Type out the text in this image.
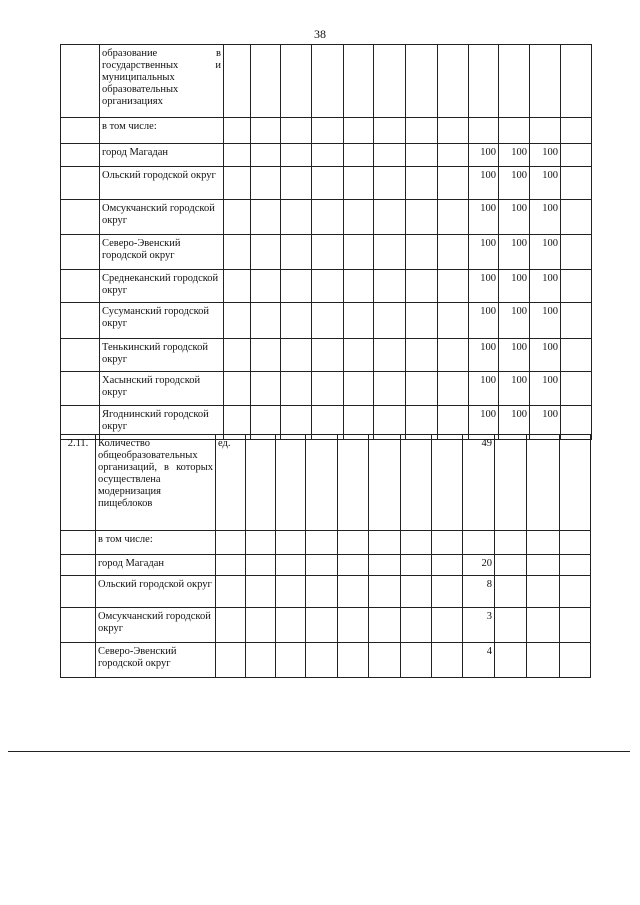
38
	образование в государственных и муниципальных образовательных организациях												
	в том числе:												
	город Магадан									100	100	100	
	Ольский городской округ									100	100	100	
	Омсукчанский городской округ									100	100	100	
	Северо-Эвенский городской округ									100	100	100	
	Среднеканский городской округ									100	100	100	
	Сусуманский городской округ									100	100	100	
	Тенькинский городской округ									100	100	100	
	Хасынский городской округ									100	100	100	
	Ягоднинский городской округ									100	100	100	
2.11.	Количество общеобразовательных организаций, в которых осуществлена модернизация пищеблоков	ед.								49			
	в том числе:												
	город Магадан									20			
	Ольский городской округ									8			
	Омсукчанский городской округ									3			
	Северо-Эвенский городской округ									4			
